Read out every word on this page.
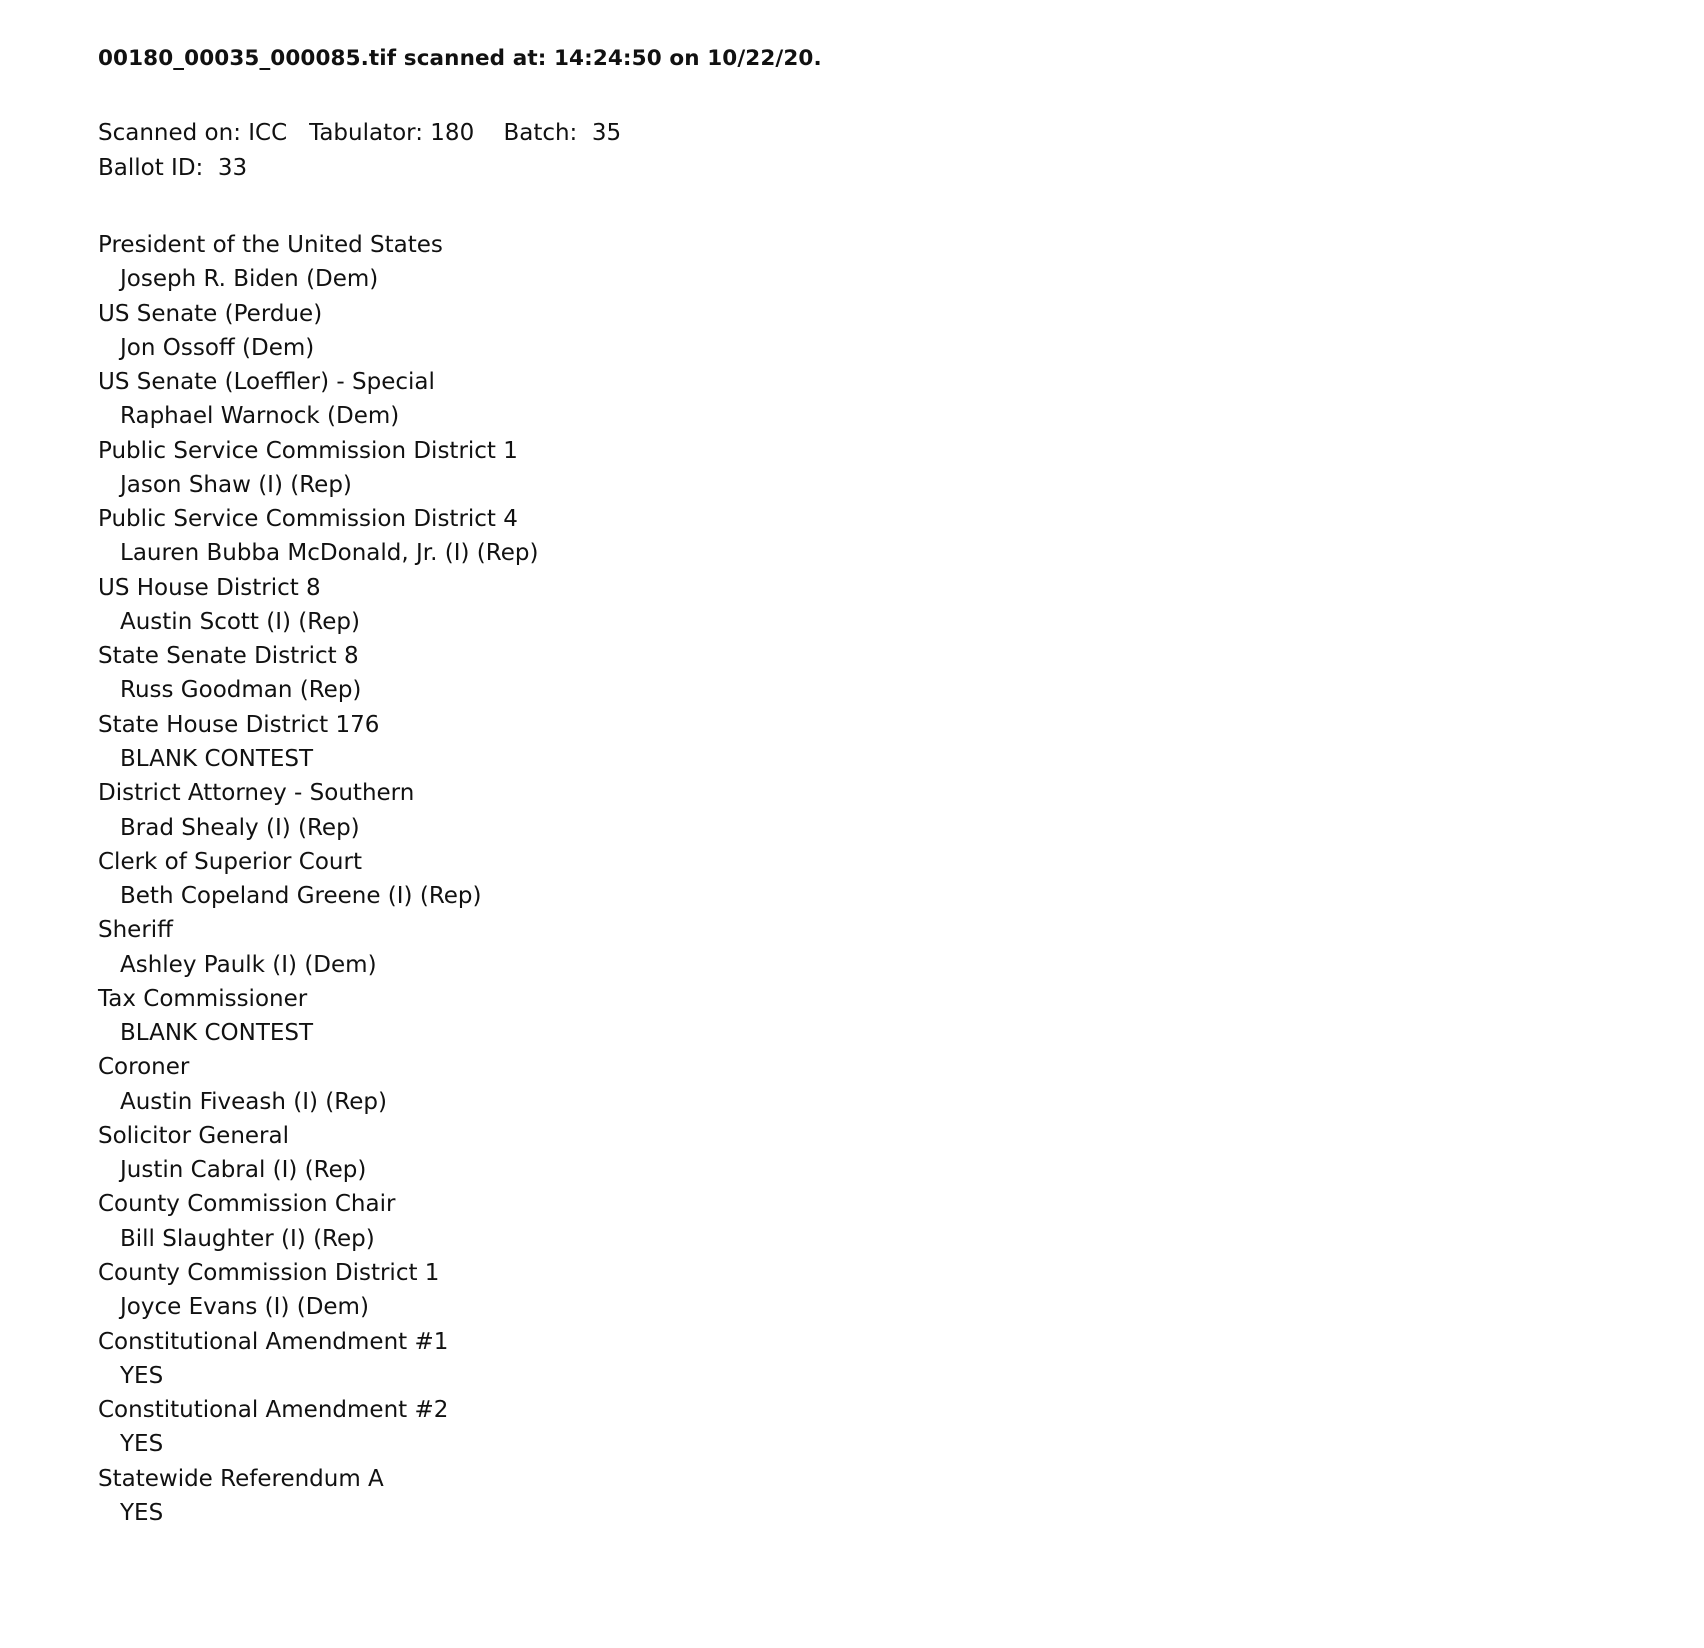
00180_00035_000085.tif scanned at: 14:24:50 on 10/22/20.
Scanned on: ICC   Tabulator: 180    Batch:  35
Ballot ID:  33
President of the United States
Joseph R. Biden (Dem)
US Senate (Perdue)
Jon Ossoff (Dem)
US Senate (Loeffler) - Special
Raphael Warnock (Dem)
Public Service Commission District 1
Jason Shaw (I) (Rep)
Public Service Commission District 4
Lauren Bubba McDonald, Jr. (I) (Rep)
US House District 8
Austin Scott (I) (Rep)
State Senate District 8
Russ Goodman (Rep)
State House District 176
BLANK CONTEST
District Attorney - Southern
Brad Shealy (I) (Rep)
Clerk of Superior Court
Beth Copeland Greene (I) (Rep)
Sheriff
Ashley Paulk (I) (Dem)
Tax Commissioner
BLANK CONTEST
Coroner
Austin Fiveash (I) (Rep)
Solicitor General
Justin Cabral (I) (Rep)
County Commission Chair
Bill Slaughter (I) (Rep)
County Commission District 1
Joyce Evans (I) (Dem)
Constitutional Amendment #1
YES
Constitutional Amendment #2
YES
Statewide Referendum A
YES
